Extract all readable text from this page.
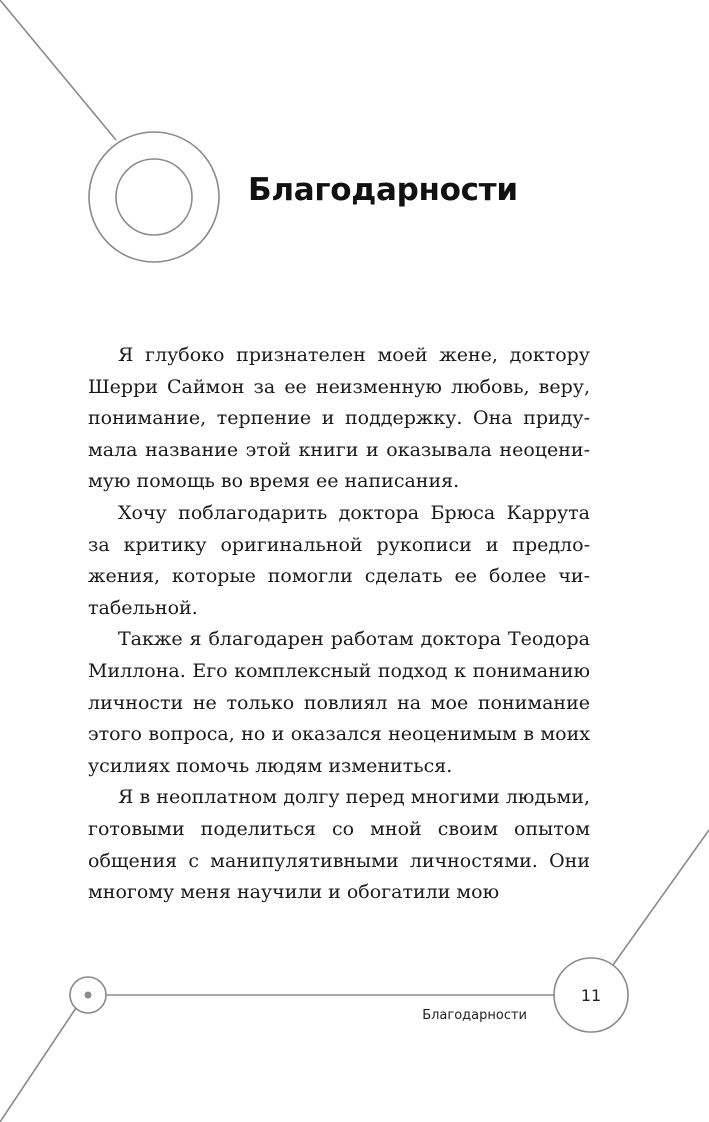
Благодарности

Я глубоко признателен моей жене, доктору Шерри Саймон за ее неизменную любовь, веру, понимание, терпение и поддержку. Она придумала название этой книги и оказывала неоценимую помощь во время ее написания.

Хочу поблагодарить доктора Брюса Каррута за критику оригинальной рукописи и предложения, которые помогли сделать ее более читабельной.

Также я благодарен работам доктора Теодора Миллона. Его комплексный подход к пониманию личности не только повлиял на мое понимание этого вопроса, но и оказался неоценимым в моих усилиях помочь людям измениться.

Я в неоплатном долгу перед многими людьми, готовыми поделиться со мной своим опытом общения с манипулятивными личностями. Они многому меня научили и обогатили мою

11
Благодарности
